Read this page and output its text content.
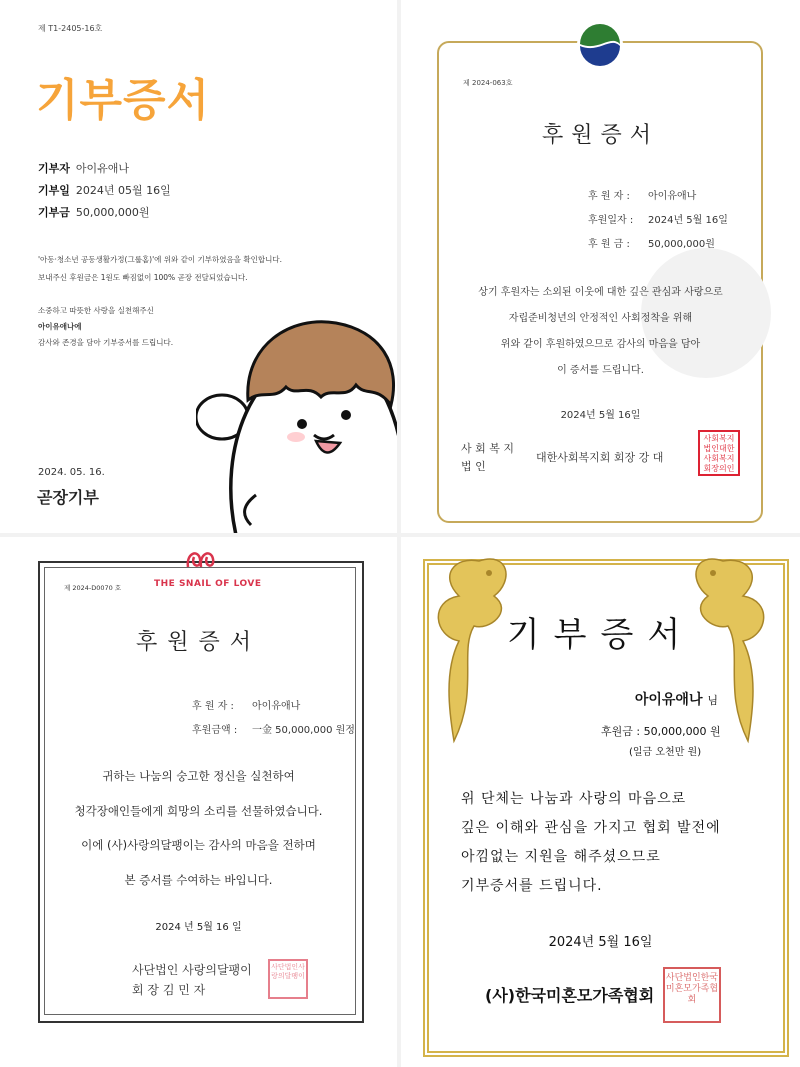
제 T1-2405-16호
기부증서
기부자 아이유애나
기부일 2024년 05월 16일
기부금 50,000,000원
'아동·청소년 공동생활가정(그룹홈)'에 위와 같이 기부하였음을 확인합니다.
보내주신 후원금은 1원도 빠짐없이 100% 곧장 전달되었습니다.
소중하고 따뜻한 사랑을 실천해주신
아이유애나에
감사와 존경을 담아 기부증서를 드립니다.
2024. 05. 16.
곧장기부
제 2024-063호
후원증서
후 원 자 : 아이유애나
후원일자 : 2024년 5월 16일
후 원 금 : 50,000,000원
상기 후원자는 소외된 이웃에 대한 깊은 관심과 사랑으로
자립준비청년의 안정적인 사회정착을 위해
위와 같이 후원하였으므로 감사의 마음을 담아
이 증서를 드립니다.
2024년 5월 16일
사 회 복 지
법 인
대한사회복지회 회장 강 대
사회복지법인대한사회복지회장의인
제 2024-D0070 호	THE SNAIL OF LOVE
후원증서
후 원 자 : 아이유애나
후원금액 : 一金 50,000,000 원정
귀하는 나눔의 숭고한 정신을 실천하여
청각장애인들에게 희망의 소리를 선물하였습니다.
이에 (사)사랑의달팽이는 감사의 마음을 전하며
본 증서를 수여하는 바입니다.
2024 년 5월 16 일
사단법인 사랑의달팽이
회 장 김 민 자
사단법인사랑의달팽이
기부증서
아이유애나 님
후원금 : 50,000,000 원
(일금 오천만 원)
위 단체는 나눔과 사랑의 마음으로
깊은 이해와 관심을 가지고 협회 발전에
아낌없는 지원을 해주셨으므로
기부증서를 드립니다.
2024년 5월 16일
(사)한국미혼모가족협회
사단법인한국미혼모가족협회
